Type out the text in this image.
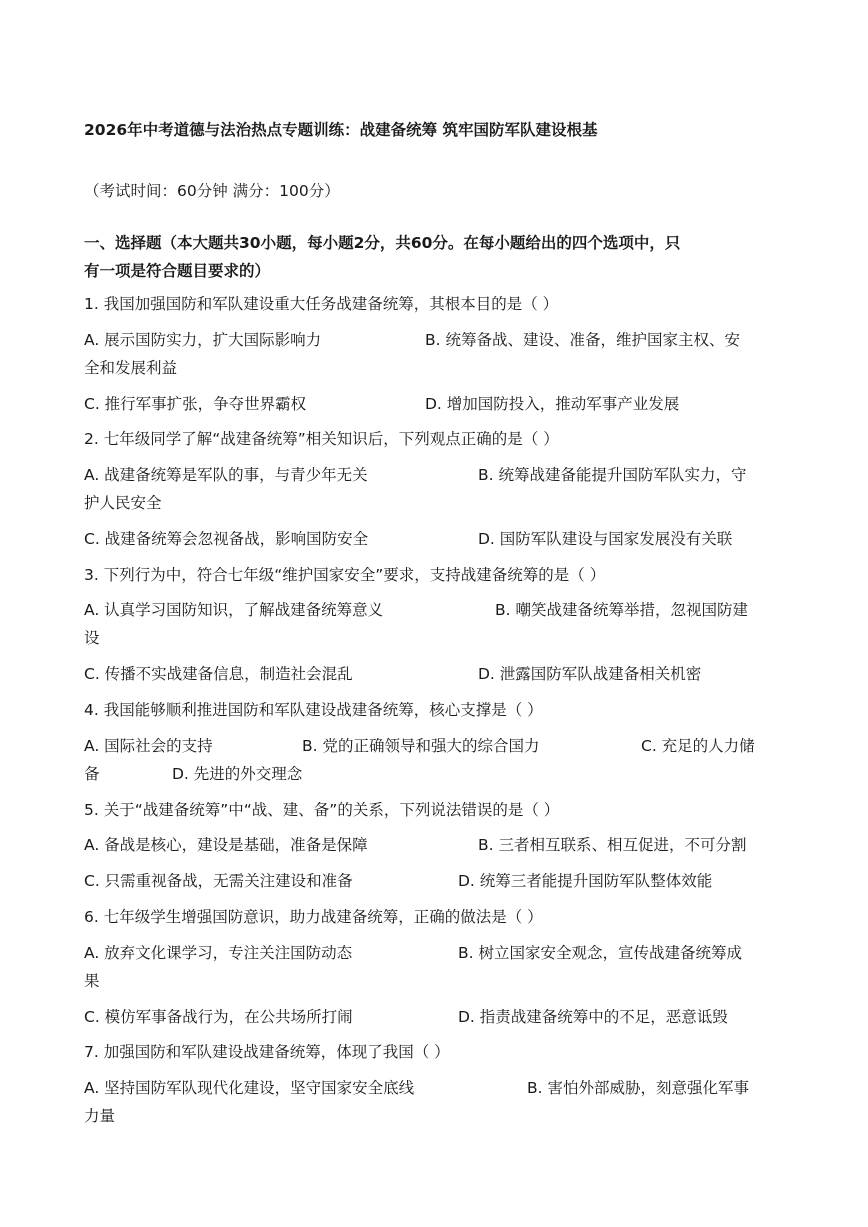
2026年中考道德与法治热点专题训练：战建备统筹 筑牢国防军队建设根基
（考试时间：60分钟 满分：100分）
一、选择题（本大题共30小题，每小题2分，共60分。在每小题给出的四个选项中，只
有一项是符合题目要求的）
1. 我国加强国防和军队建设重大任务战建备统筹，其根本目的是（ ）
A. 展示国防实力，扩大国际影响力	B. 统筹备战、建设、准备，维护国家主权、安
全和发展利益
C. 推行军事扩张，争夺世界霸权	D. 增加国防投入，推动军事产业发展
2. 七年级同学了解“战建备统筹”相关知识后，下列观点正确的是（ ）
A. 战建备统筹是军队的事，与青少年无关	B. 统筹战建备能提升国防军队实力，守
护人民安全
C. 战建备统筹会忽视备战，影响国防安全	D. 国防军队建设与国家发展没有关联
3. 下列行为中，符合七年级“维护国家安全”要求，支持战建备统筹的是（ ）
A. 认真学习国防知识，了解战建备统筹意义	B. 嘲笑战建备统筹举措，忽视国防建
设
C. 传播不实战建备信息，制造社会混乱	D. 泄露国防军队战建备相关机密
4. 我国能够顺利推进国防和军队建设战建备统筹，核心支撑是（ ）
A. 国际社会的支持	B. 党的正确领导和强大的综合国力	C. 充足的人力储
备	D. 先进的外交理念
5. 关于“战建备统筹”中“战、建、备”的关系，下列说法错误的是（ ）
A. 备战是核心，建设是基础，准备是保障	B. 三者相互联系、相互促进，不可分割
C. 只需重视备战，无需关注建设和准备	D. 统筹三者能提升国防军队整体效能
6. 七年级学生增强国防意识，助力战建备统筹，正确的做法是（ ）
A. 放弃文化课学习，专注关注国防动态	B. 树立国家安全观念，宣传战建备统筹成
果
C. 模仿军事备战行为，在公共场所打闹	D. 指责战建备统筹中的不足，恶意诋毁
7. 加强国防和军队建设战建备统筹，体现了我国（ ）
A. 坚持国防军队现代化建设，坚守国家安全底线	B. 害怕外部威胁，刻意强化军事
力量
